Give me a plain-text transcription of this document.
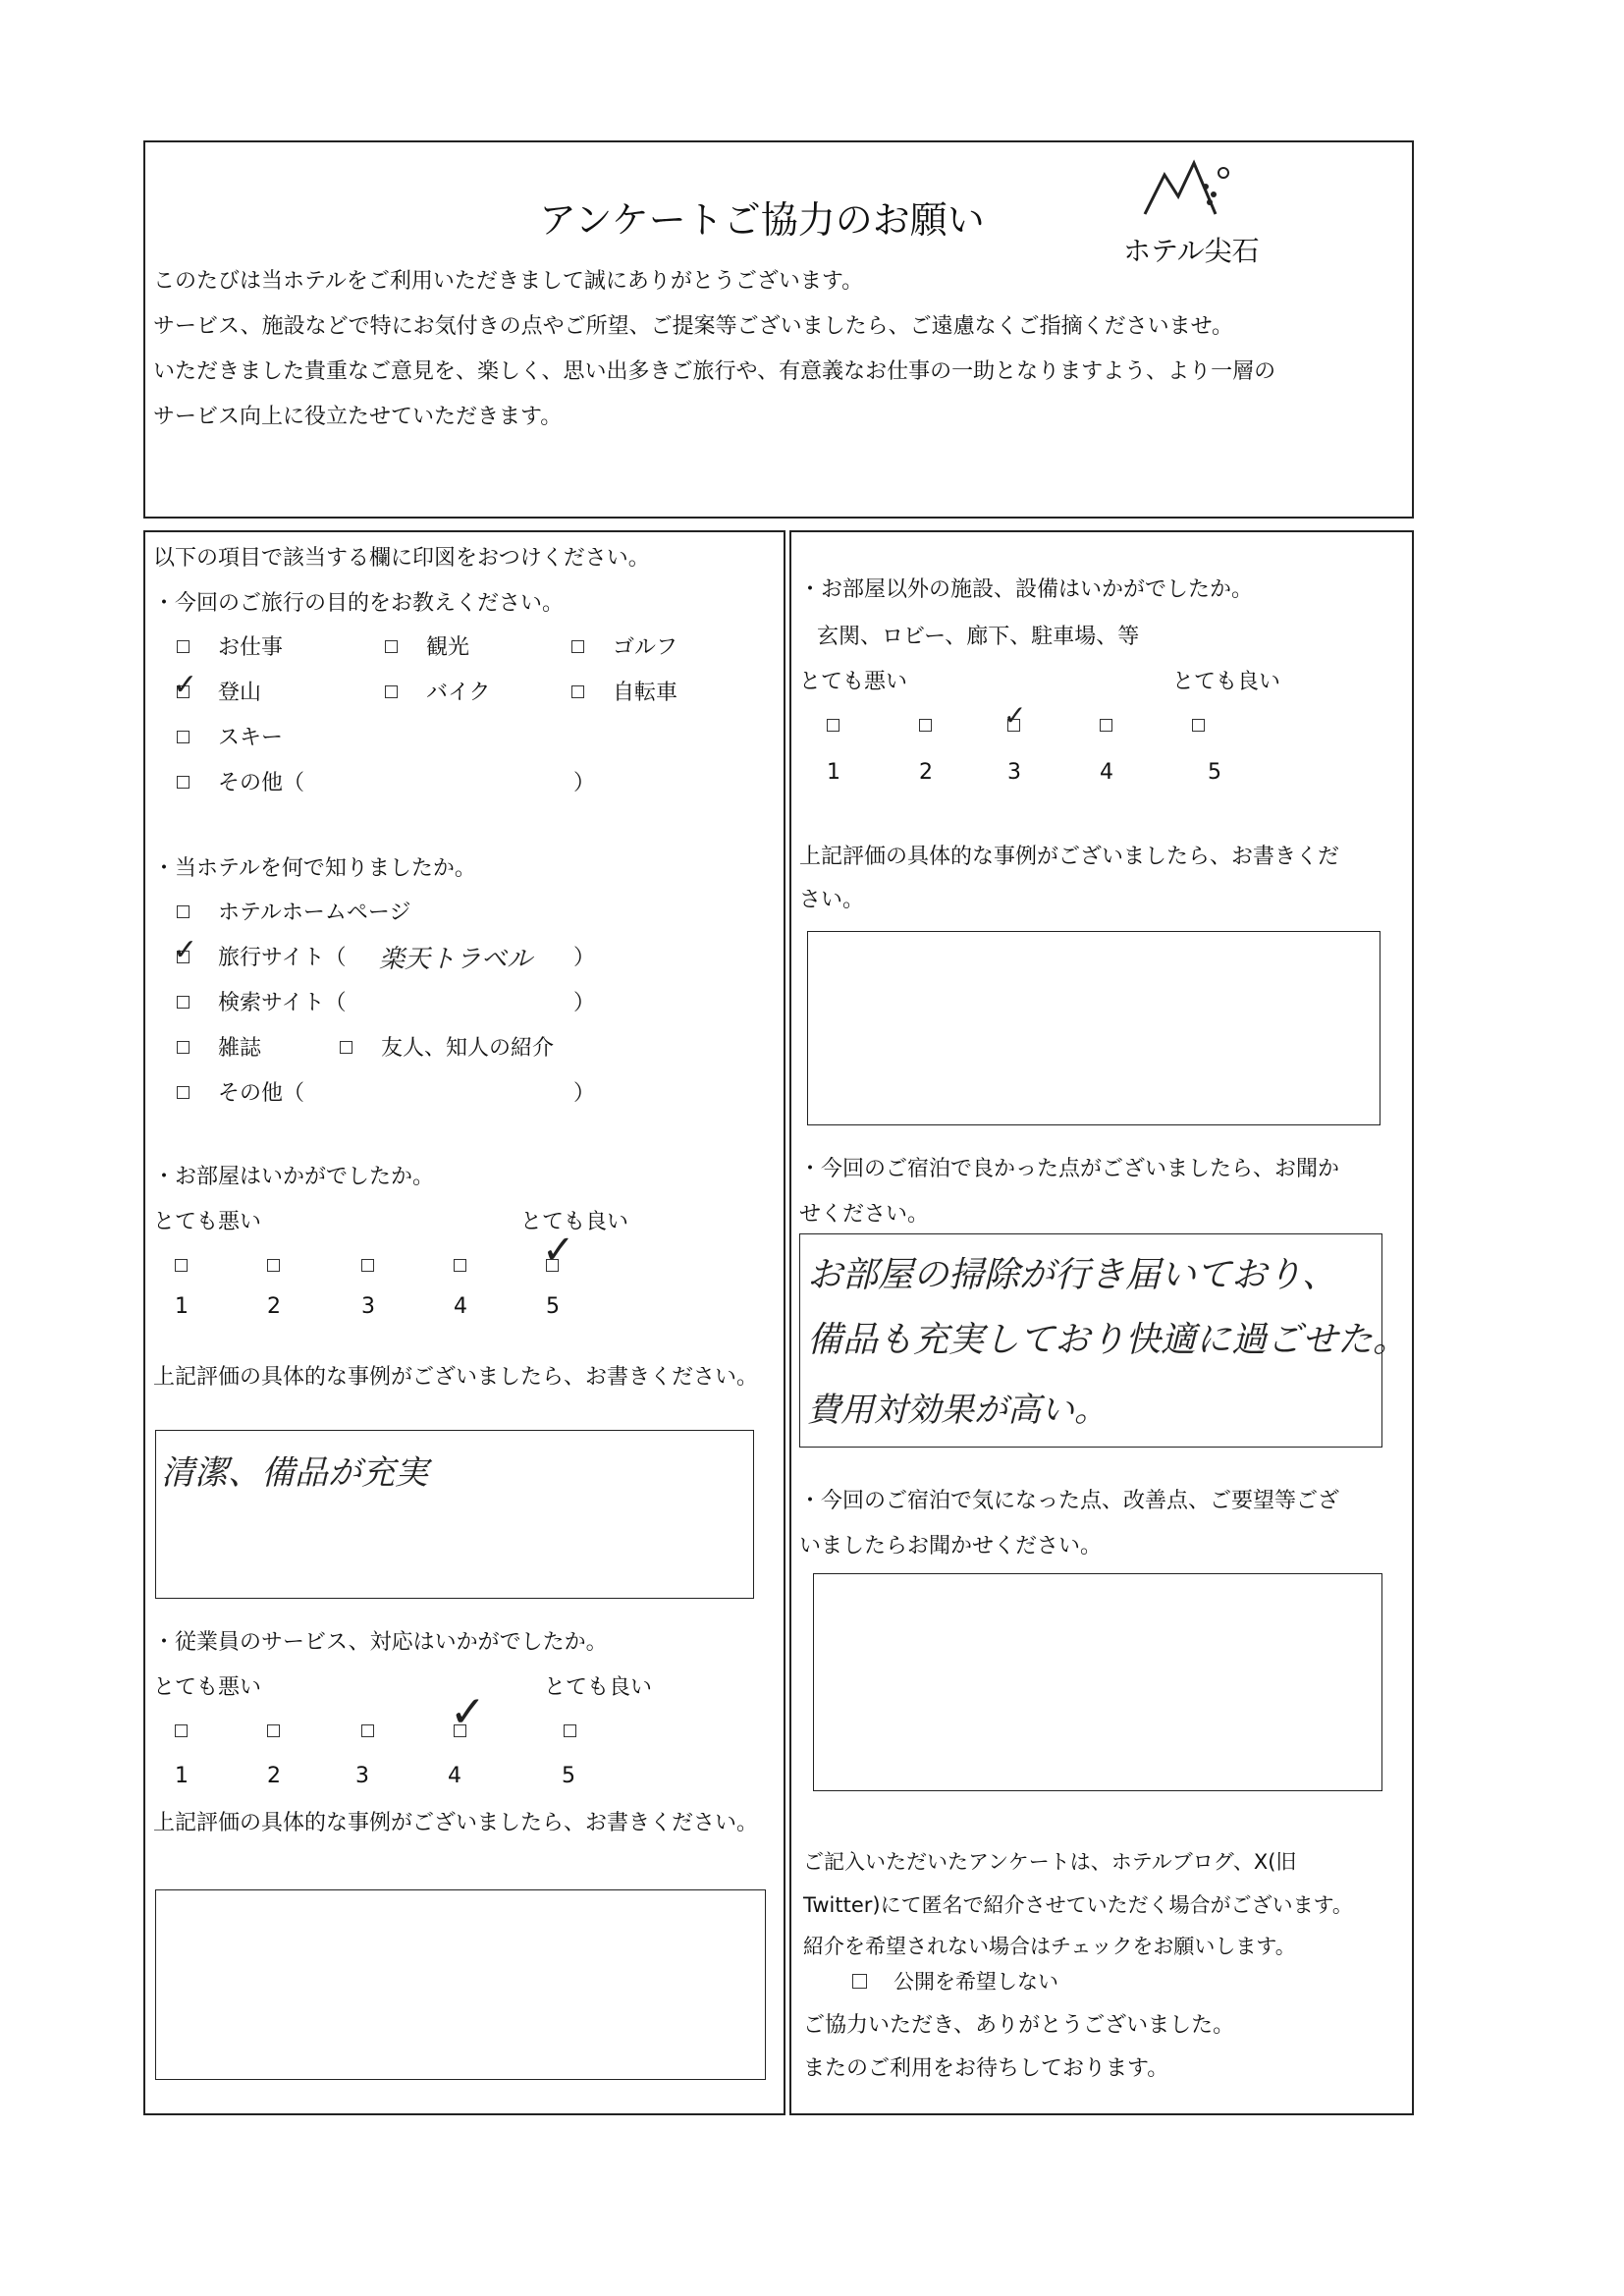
アンケートご協力のお願い
ホテル尖石
このたびは当ホテルをご利用いただきまして誠にありがとうございます。
サービス、施設などで特にお気付きの点やご所望、ご提案等ございましたら、ご遠慮なくご指摘くださいませ。
いただきました貴重なご意見を、楽しく、思い出多きご旅行や、有意義なお仕事の一助となりますよう、より一層の
サービス向上に役立たせていただきます。
以下の項目で該当する欄に印図をおつけください。
・今回のご旅行の目的をお教えください。
お仕事	観光	ゴルフ
✓ 登山	バイク	自転車
スキー
その他（	）
・当ホテルを何で知りましたか。
ホテルホームページ
✓ 旅行サイト（ 楽天トラベル ）
検索サイト（	）
雑誌	友人、知人の紹介
その他（	）
・お部屋はいかがでしたか。
とても悪い	とても良い
✓
1	2	3	4	5
上記評価の具体的な事例がございましたら、お書きください。
清潔、備品が充実
・従業員のサービス、対応はいかがでしたか。
とても悪い	とても良い
✓
1	2	3	4	5
上記評価の具体的な事例がございましたら、お書きください。
・お部屋以外の施設、設備はいかがでしたか。
玄関、ロビー、廊下、駐車場、等
とても悪い	とても良い
✓
1	2	3	4	5
上記評価の具体的な事例がございましたら、お書きくだ
さい。
・今回のご宿泊で良かった点がございましたら、お聞か
せください。
お部屋の掃除が行き届いており、
備品も充実しており快適に過ごせた。
費用対効果が高い。
・今回のご宿泊で気になった点、改善点、ご要望等ござ
いましたらお聞かせください。
ご記入いただいたアンケートは、ホテルブログ、X(旧
Twitter)にて匿名で紹介させていただく場合がございます。
紹介を希望されない場合はチェックをお願いします。
公開を希望しない
ご協力いただき、ありがとうございました。
またのご利用をお待ちしております。
